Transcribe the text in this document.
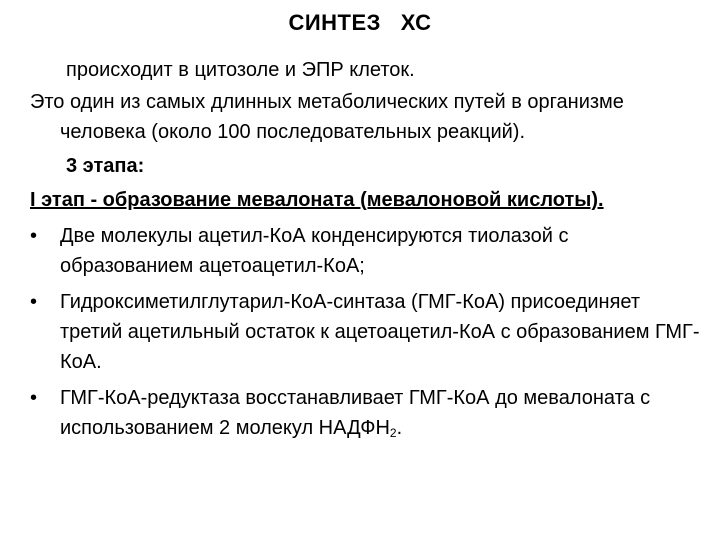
СИНТЕЗ   ХС

происходит в цитозоле и ЭПР клеток.

Это один из самых длинных метаболических путей в организме человека (около 100 последовательных реакций).

3 этапа:

I этап - образование мевалоната (мевалоновой кислоты).

•	Две молекулы ацетил-КоА конденсируются тиолазой с образованием ацетоацетил-КоА;
•	Гидроксиметилглутарил-КоА-синтаза (ГМГ-КоА) присоединяет третий ацетильный остаток к ацетоацетил-КоА с образованием ГМГ-КоА.
•	ГМГ-КоА-редуктаза восстанавливает ГМГ-КоА до мевалоната с использованием 2 молекул $НАДФН_2$.
